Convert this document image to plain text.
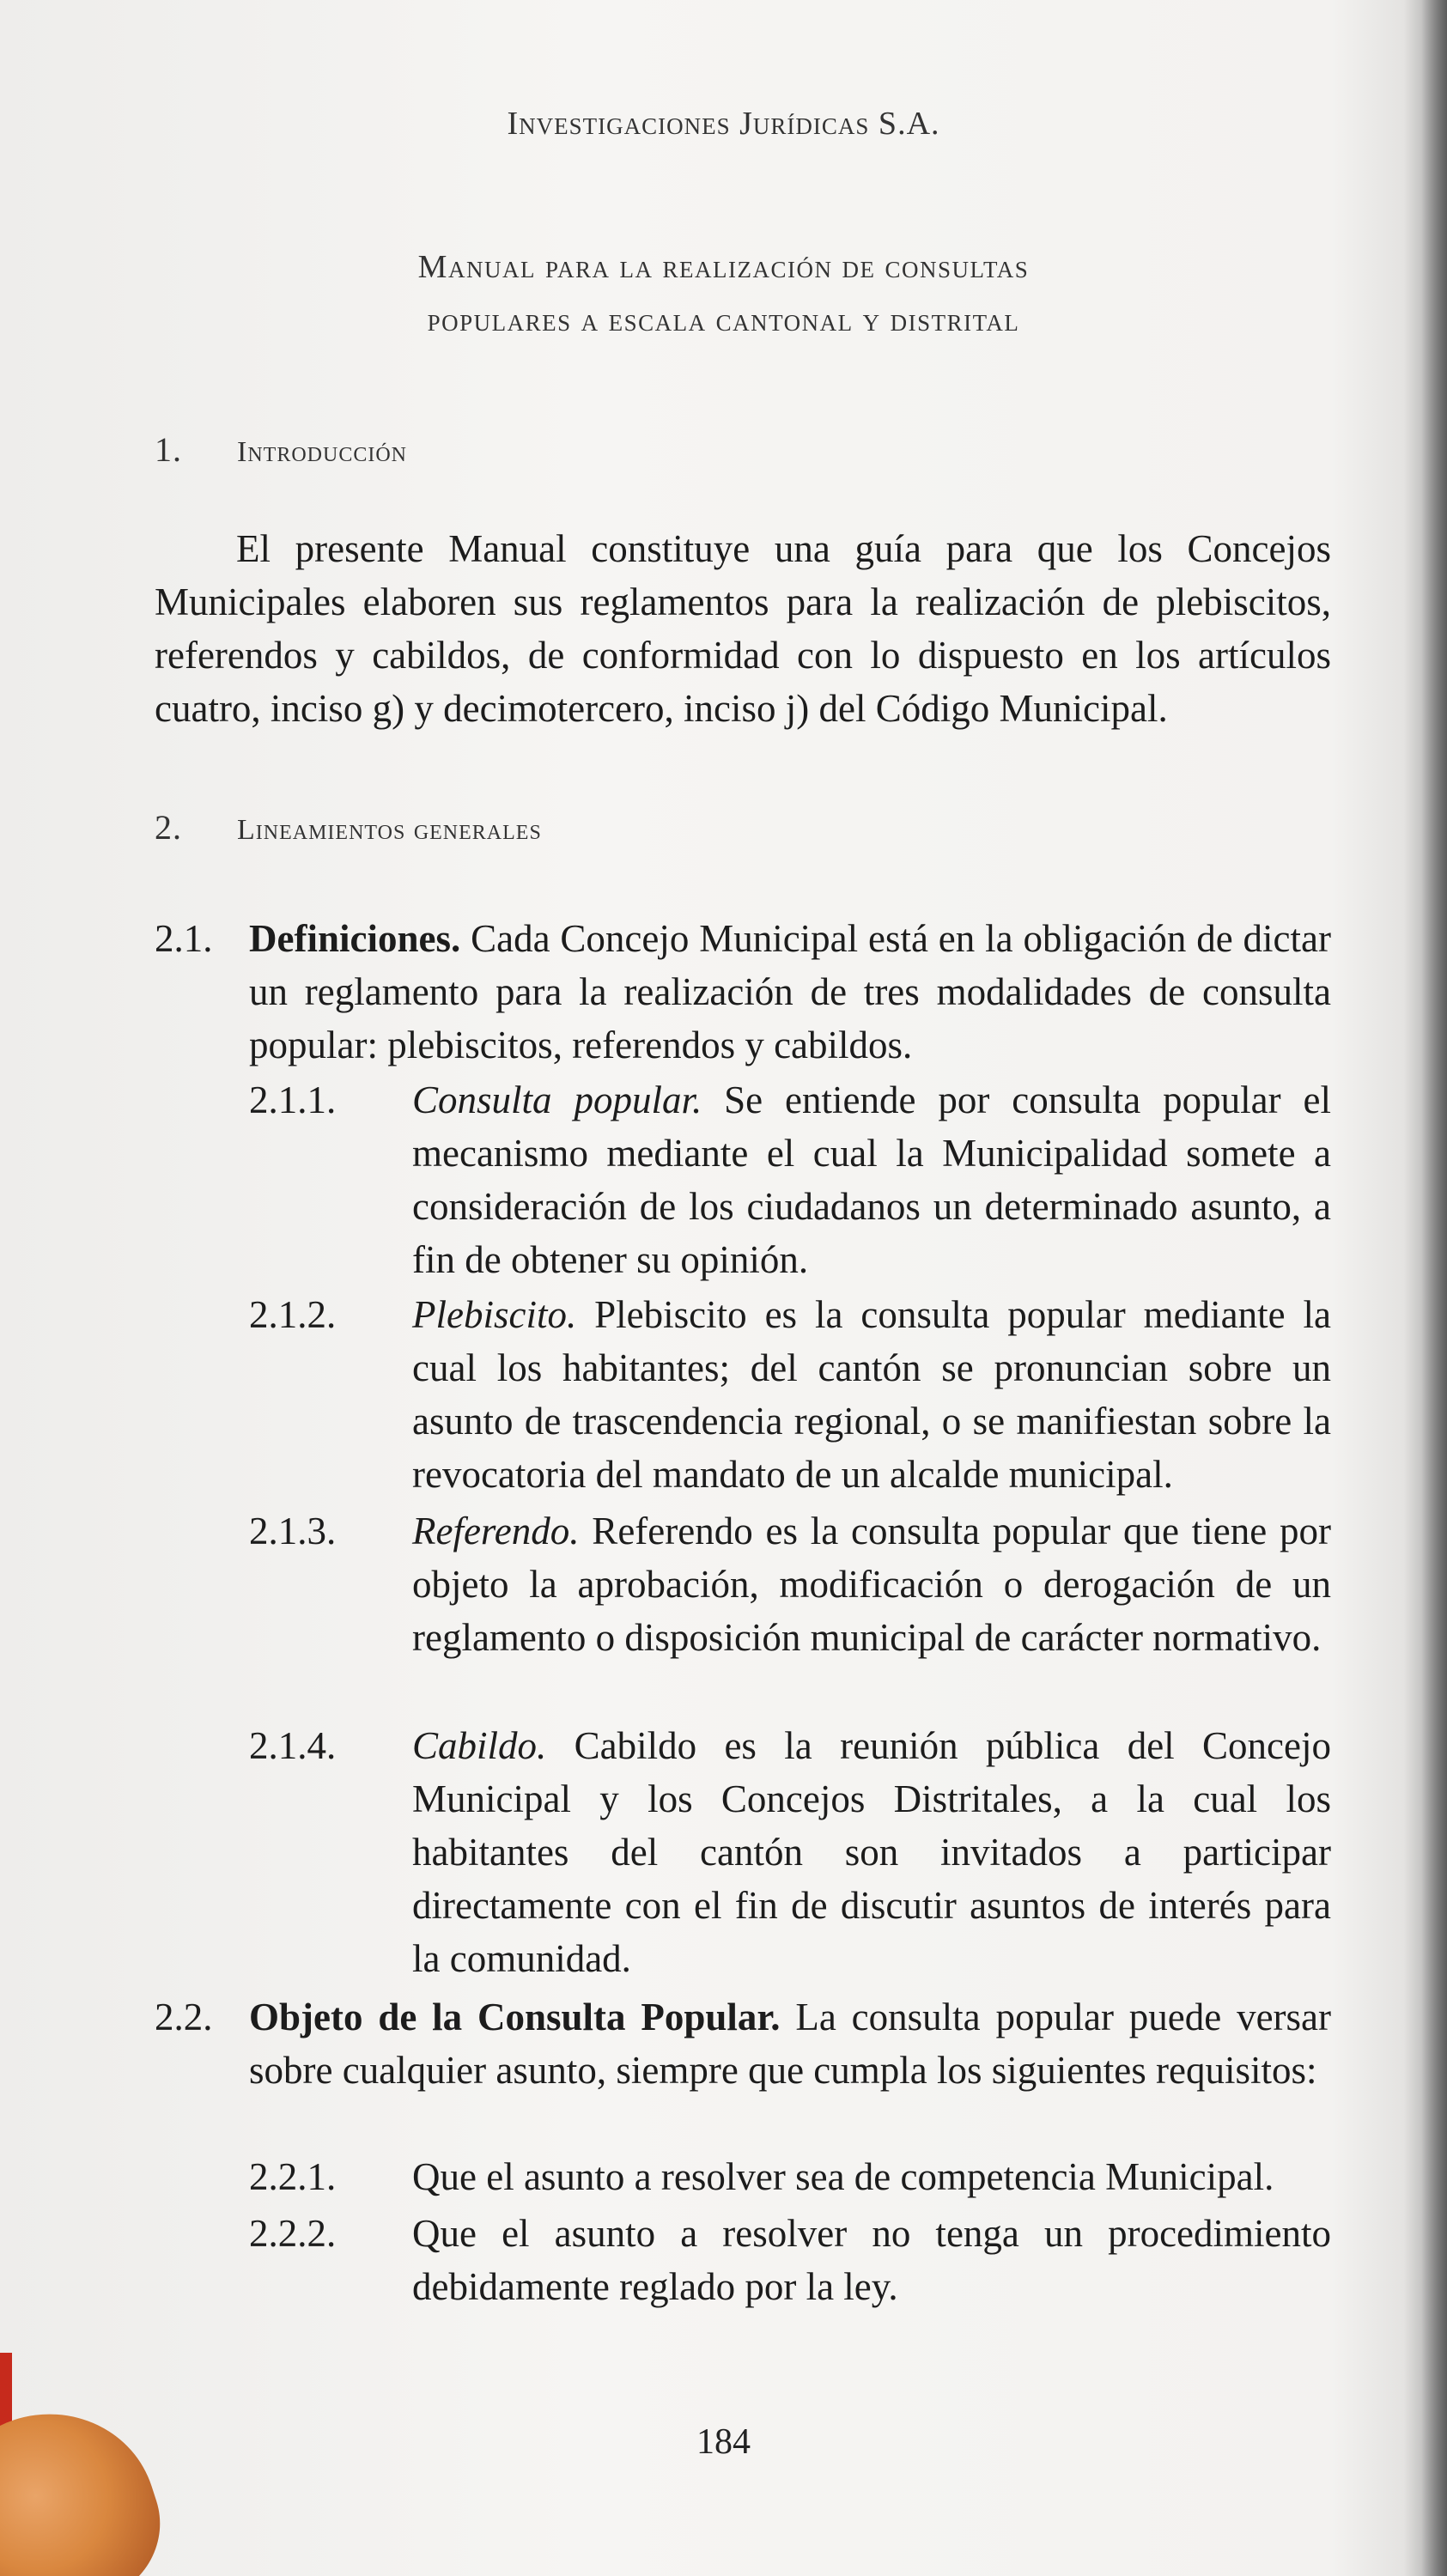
Investigaciones Jurídicas S.A.
Manual para la realización de consultas
populares a escala cantonal y distrital
1. Introducción
El presente Manual constituye una guía para que los Concejos Municipales elaboren sus reglamentos para la realización de plebiscitos, referendos y cabildos, de conformidad con lo dispuesto en los artículos cuatro, inciso g) y decimotercero, inciso j) del Código Municipal.
2. Lineamientos generales
2.1. Definiciones. Cada Concejo Municipal está en la obligación de dictar un reglamento para la realización de tres modalidades de consulta popular: plebiscitos, referendos y cabildos.
2.1.1. Consulta popular. Se entiende por consulta popular el mecanismo mediante el cual la Municipalidad somete a consideración de los ciudadanos un determinado asunto, a fin de obtener su opinión.
2.1.2. Plebiscito. Plebiscito es la consulta popular mediante la cual los habitantes; del cantón se pronuncian sobre un asunto de trascendencia regional, o se manifiestan sobre la revocatoria del mandato de un alcalde municipal.
2.1.3. Referendo. Referendo es la consulta popular que tiene por objeto la aprobación, modificación o derogación de un reglamento o disposición municipal de carácter normativo.
2.1.4. Cabildo. Cabildo es la reunión pública del Concejo Municipal y los Concejos Distritales, a la cual los habitantes del cantón son invitados a participar directamente con el fin de discutir asuntos de interés para la comunidad.
2.2. Objeto de la Consulta Popular. La consulta popular puede versar sobre cualquier asunto, siempre que cumpla los siguientes requisitos:
2.2.1. Que el asunto a resolver sea de competencia Municipal.
2.2.2. Que el asunto a resolver no tenga un procedimiento debidamente reglado por la ley.
184
